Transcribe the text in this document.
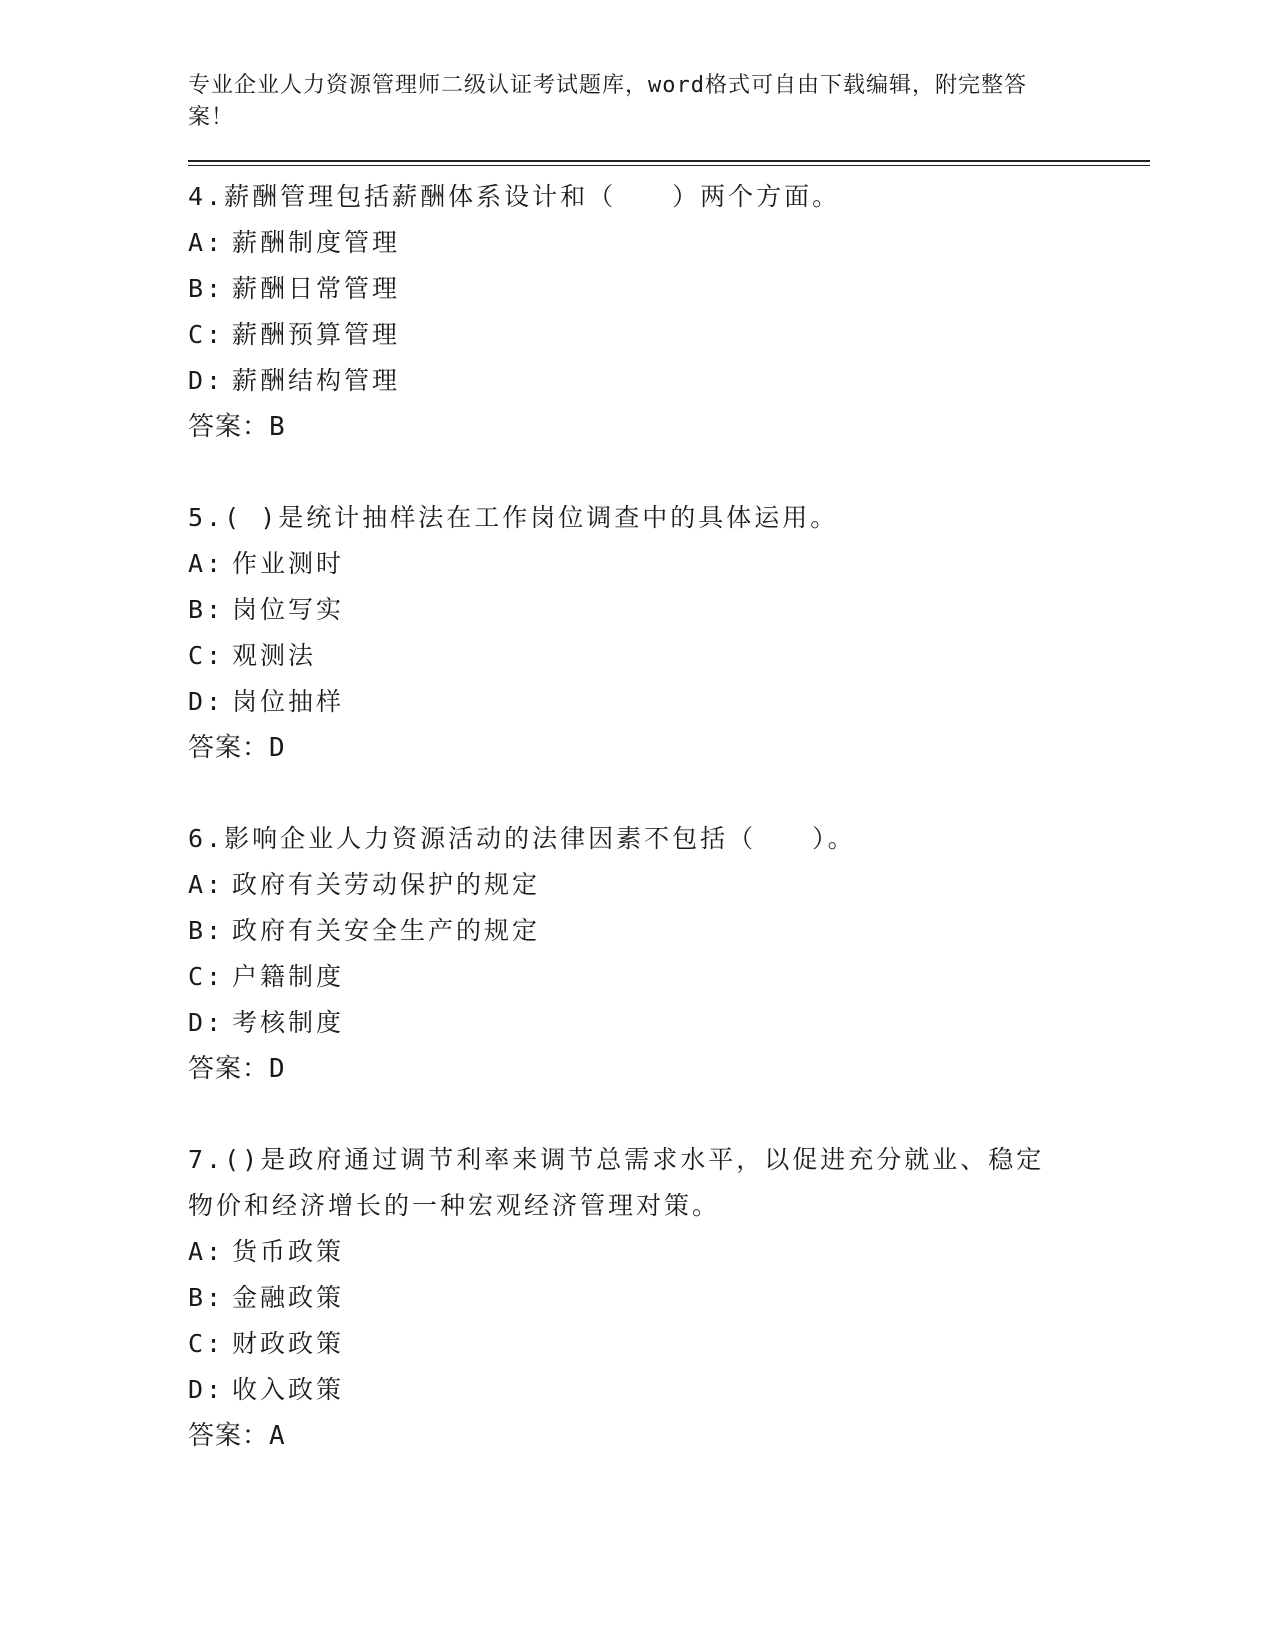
专业企业人力资源管理师二级认证考试题库，word格式可自由下载编辑，附完整答案！

4.薪酬管理包括薪酬体系设计和（　　）两个方面。

A: 薪酬制度管理

B: 薪酬日常管理

C: 薪酬预算管理

D: 薪酬结构管理

答案：B

5.( )是统计抽样法在工作岗位调查中的具体运用。

A: 作业测时

B: 岗位写实

C: 观测法

D: 岗位抽样

答案：D

6.影响企业人力资源活动的法律因素不包括（　　）。

A: 政府有关劳动保护的规定

B: 政府有关安全生产的规定

C: 户籍制度

D: 考核制度

答案：D

7.()是政府通过调节利率来调节总需求水平，以促进充分就业、稳定物价和经济增长的一种宏观经济管理对策。

A: 货币政策

B: 金融政策

C: 财政政策

D: 收入政策

答案：A
